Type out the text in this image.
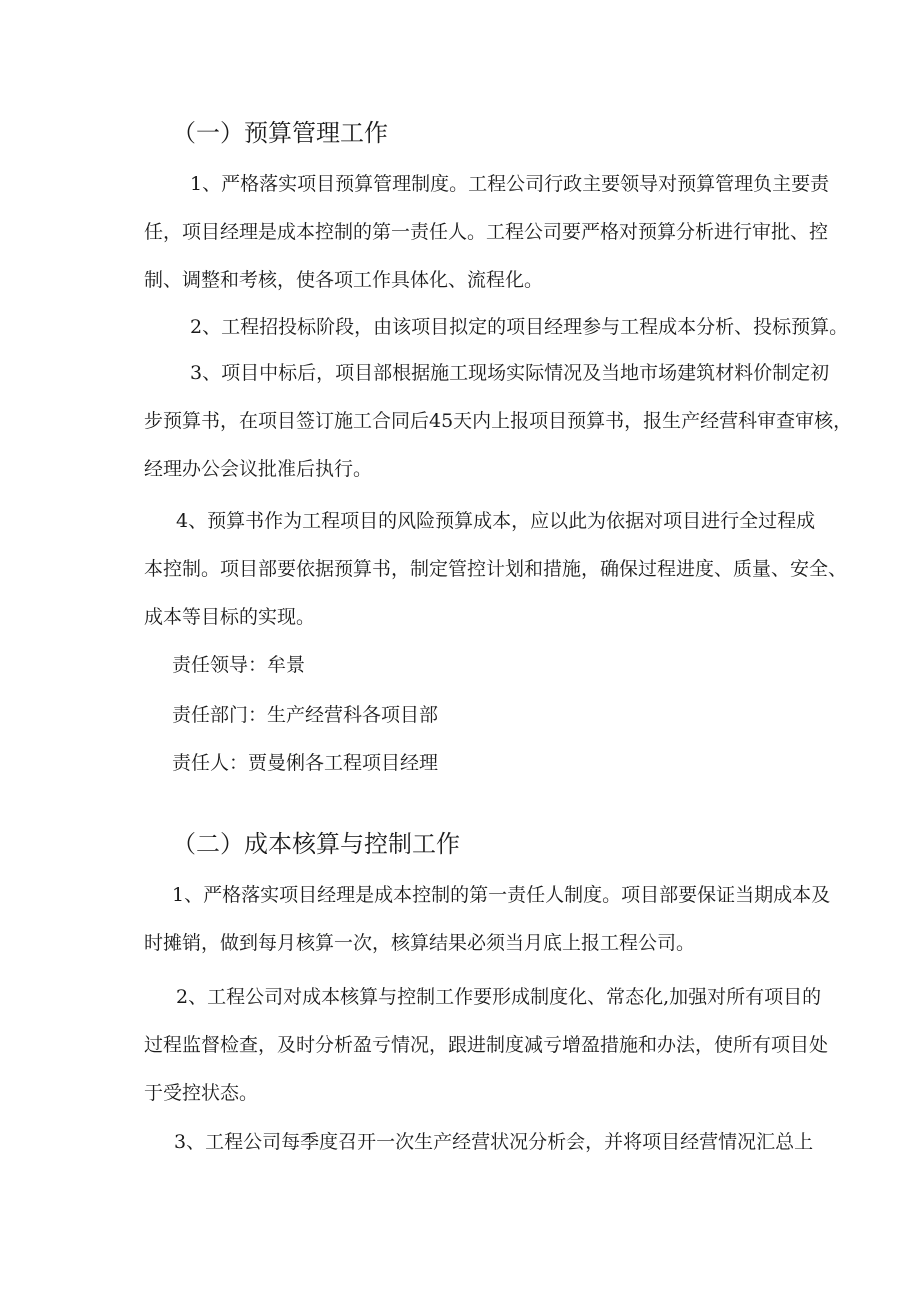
（一）预算管理工作

1、严格落实项目预算管理制度。工程公司行政主要领导对预算管理负主要责
任，项目经理是成本控制的第一责任人。工程公司要严格对预算分析进行审批、控
制、调整和考核，使各项工作具体化、流程化。

2、工程招投标阶段，由该项目拟定的项目经理参与工程成本分析、投标预算。

3、项目中标后，项目部根据施工现场实际情况及当地市场建筑材料价制定初
步预算书，在项目签订施工合同后45天内上报项目预算书，报生产经营科审查审核，
经理办公会议批准后执行。

4、预算书作为工程项目的风险预算成本，应以此为依据对项目进行全过程成
本控制。项目部要依据预算书，制定管控计划和措施，确保过程进度、质量、安全、
成本等目标的实现。

责任领导：牟景

责任部门：生产经营科各项目部

责任人：贾曼俐各工程项目经理

（二）成本核算与控制工作

1、严格落实项目经理是成本控制的第一责任人制度。项目部要保证当期成本及
时摊销，做到每月核算一次，核算结果必须当月底上报工程公司。

2、工程公司对成本核算与控制工作要形成制度化、常态化,加强对所有项目的
过程监督检查，及时分析盈亏情况，跟进制度减亏增盈措施和办法，使所有项目处
于受控状态。

3、工程公司每季度召开一次生产经营状况分析会，并将项目经营情况汇总上
